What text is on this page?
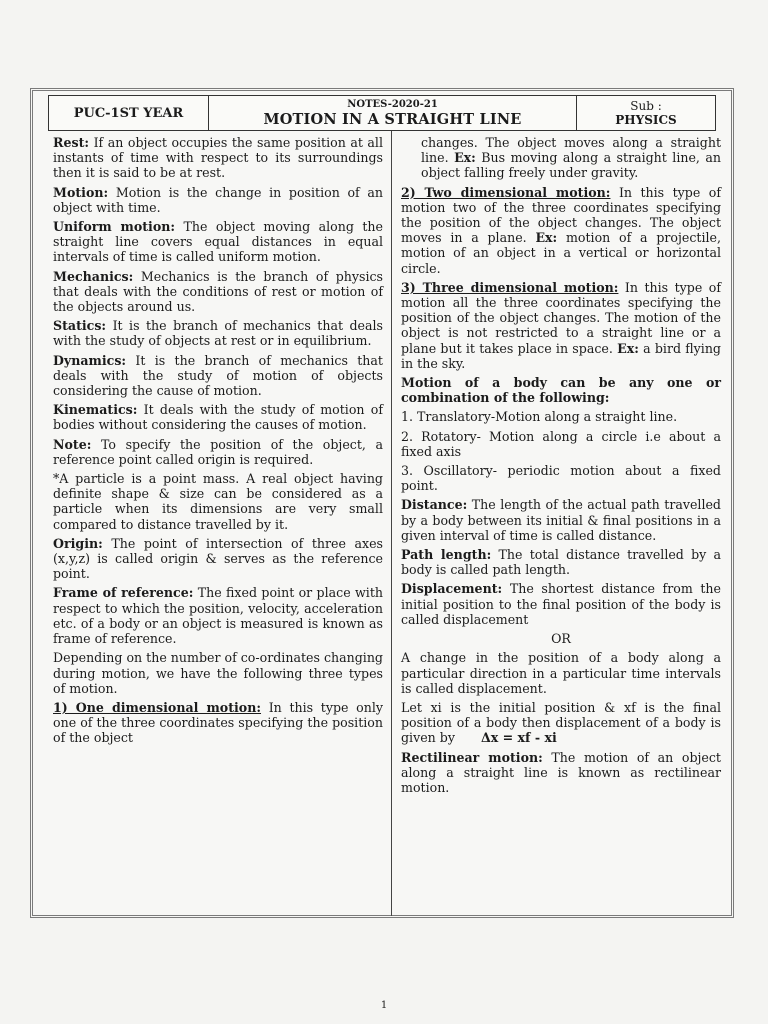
PUC-1ST YEAR
NOTES-2020-21
MOTION IN A STRAIGHT LINE
Sub :
PHYSICS

Rest: If an object occupies the same position at all instants of time with respect to its surroundings then it is said to be at rest.

Motion: Motion is the change in position of an object with time.

Uniform motion: The object moving along the straight line covers equal distances in equal intervals of time is called uniform motion.

Mechanics: Mechanics is the branch of physics that deals with the conditions of rest or motion of the objects around us.

Statics: It is the branch of mechanics that deals with the study of objects at rest or in equilibrium.

Dynamics: It is the branch of mechanics that deals with the study of motion of objects considering the cause of motion.

Kinematics: It deals with the study of motion of bodies without considering the causes of motion.

Note: To specify the position of the object, a reference point called origin is required.

*A particle is a point mass. A real object having definite shape & size can be considered as a particle when its dimensions are very small compared to distance travelled by it.

Origin: The point of intersection of three axes (x,y,z) is called origin & serves as the reference point.

Frame of reference: The fixed point or place with respect to which the position, velocity, acceleration etc. of a body or an object is measured is known as frame of reference.

Depending on the number of co-ordinates changing during motion, we have the following three types of motion.

1) One dimensional motion: In this type only one of the three coordinates specifying the position of the object

changes. The object moves along a straight line. Ex: Bus moving along a straight line, an object falling freely under gravity.

2) Two dimensional motion: In this type of motion two of the three coordinates specifying the position of the object changes. The object moves in a plane. Ex: motion of a projectile, motion of an object in a vertical or horizontal circle.

3) Three dimensional motion: In this type of motion all the three coordinates specifying the position of the object changes. The motion of the object is not restricted to a straight line or a plane but it takes place in space. Ex: a bird flying in the sky.

Motion of a body can be any one or combination of the following:

1. Translatory-Motion along a straight line.

2. Rotatory- Motion along a circle i.e about a fixed axis

3. Oscillatory- periodic motion about a fixed point.

Distance: The length of the actual path travelled by a body between its initial & final positions in a given interval of time is called distance.

Path length: The total distance travelled by a body is called path length.

Displacement: The shortest distance from the initial position to the final position of the body is called displacement

OR

A change in the position of a body along a particular direction in a particular time intervals is called displacement.

Let xi is the initial position & xf is the final position of a body then displacement of a body is given by Δx = xf - xi

Rectilinear motion: The motion of an object along a straight line is known as rectilinear motion.

1
